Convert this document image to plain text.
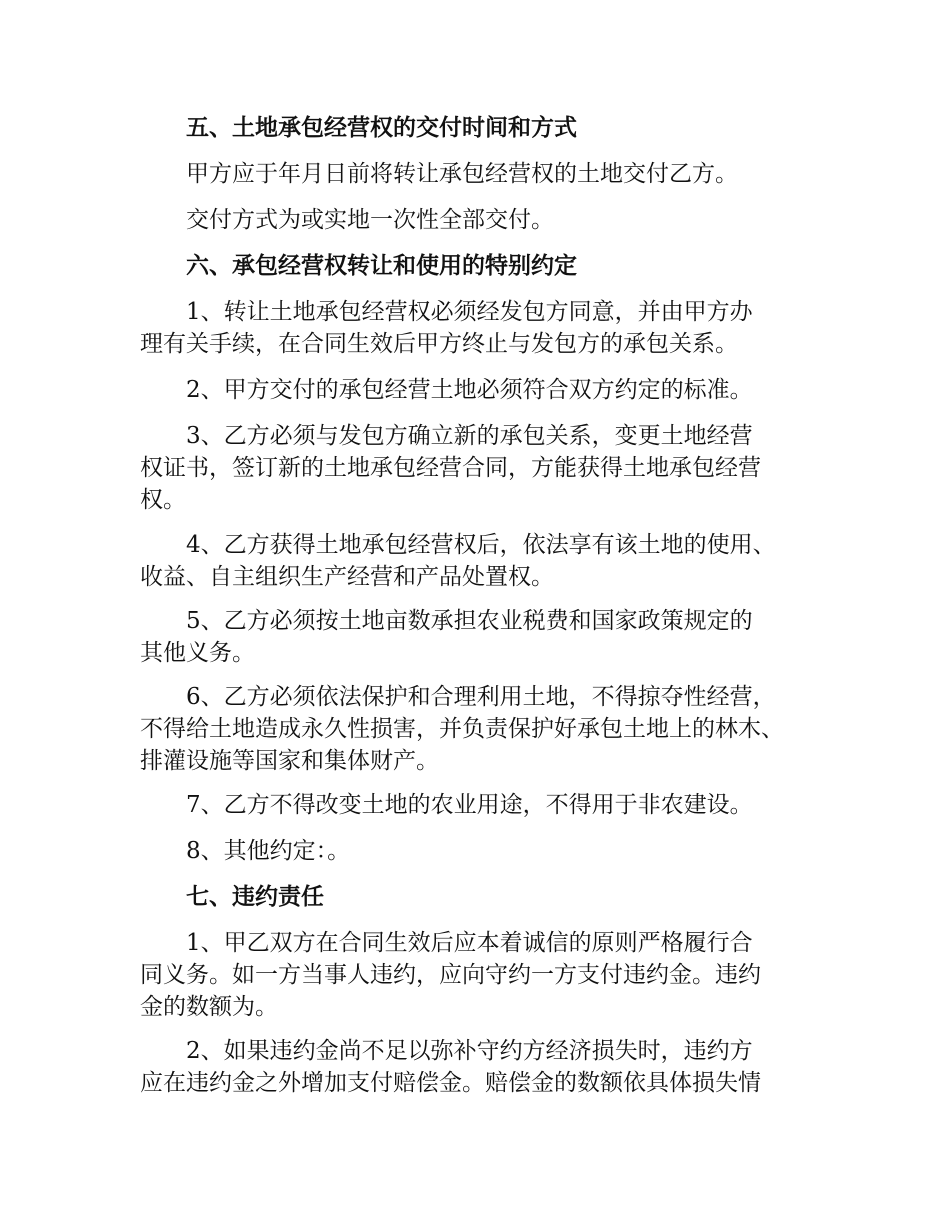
　　五、土地承包经营权的交付时间和方式
　　甲方应于年月日前将转让承包经营权的土地交付乙方。
　　交付方式为或实地一次性全部交付。
　　六、承包经营权转让和使用的特别约定
　　1、转让土地承包经营权必须经发包方同意，并由甲方办
理有关手续，在合同生效后甲方终止与发包方的承包关系。
　　2、甲方交付的承包经营土地必须符合双方约定的标准。
　　3、乙方必须与发包方确立新的承包关系，变更土地经营
权证书，签订新的土地承包经营合同，方能获得土地承包经营
权。
　　4、乙方获得土地承包经营权后，依法享有该土地的使用、
收益、自主组织生产经营和产品处置权。
　　5、乙方必须按土地亩数承担农业税费和国家政策规定的
其他义务。
　　6、乙方必须依法保护和合理利用土地，不得掠夺性经营，
不得给土地造成永久性损害，并负责保护好承包土地上的林木、
排灌设施等国家和集体财产。
　　7、乙方不得改变土地的农业用途，不得用于非农建设。
　　8、其他约定：。
　　七、违约责任
　　1、甲乙双方在合同生效后应本着诚信的原则严格履行合
同义务。如一方当事人违约，应向守约一方支付违约金。违约
金的数额为。
　　2、如果违约金尚不足以弥补守约方经济损失时，违约方
应在违约金之外增加支付赔偿金。赔偿金的数额依具体损失情
